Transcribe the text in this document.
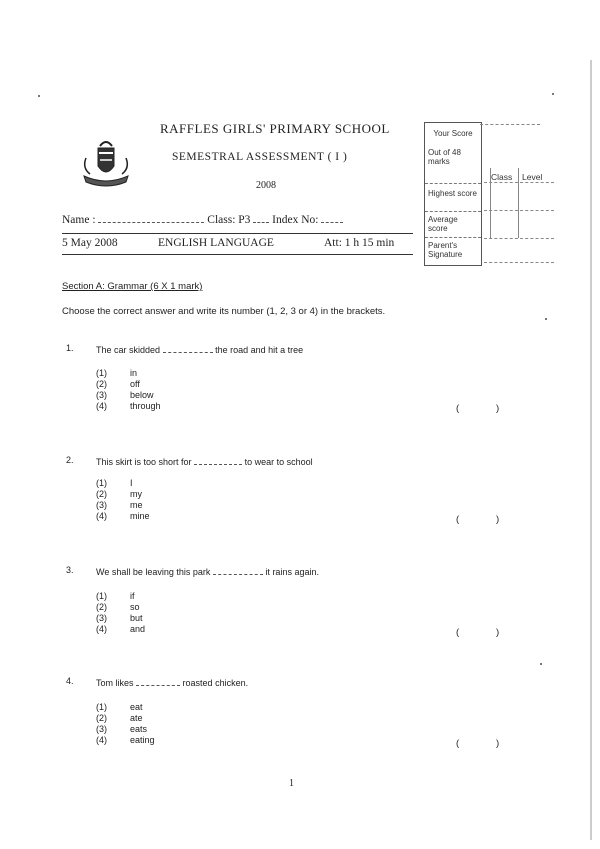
RAFFLES GIRLS' PRIMARY SCHOOL
SEMESTRAL ASSESSMENT ( I )
2008
Name :	Class: P3 Index No:
5 May 2008	ENGLISH LANGUAGE	Att: 1 h 15 min
Your Score
Out of 48 marks
Highest score
Average score
Parent's Signature
Class Level
Section A: Grammar (6 X 1 mark)
Choose the correct answer and write its number (1, 2, 3 or 4) in the brackets.
1. The car skidded	the road and hit a tree
(1)	in
(2)	off
(3)	below
(4)	through	(	)
2. This skirt is too short for	to wear to school
(1)	I
(2)	my
(3)	me
(4)	mine	(	)
3. We shall be leaving this park	it rains again.
(1)	if
(2)	so
(3)	but
(4)	and	(	)
4. Tom likes	roasted chicken.
(1)	eat
(2)	ate
(3)	eats
(4)	eating	(	)
1
